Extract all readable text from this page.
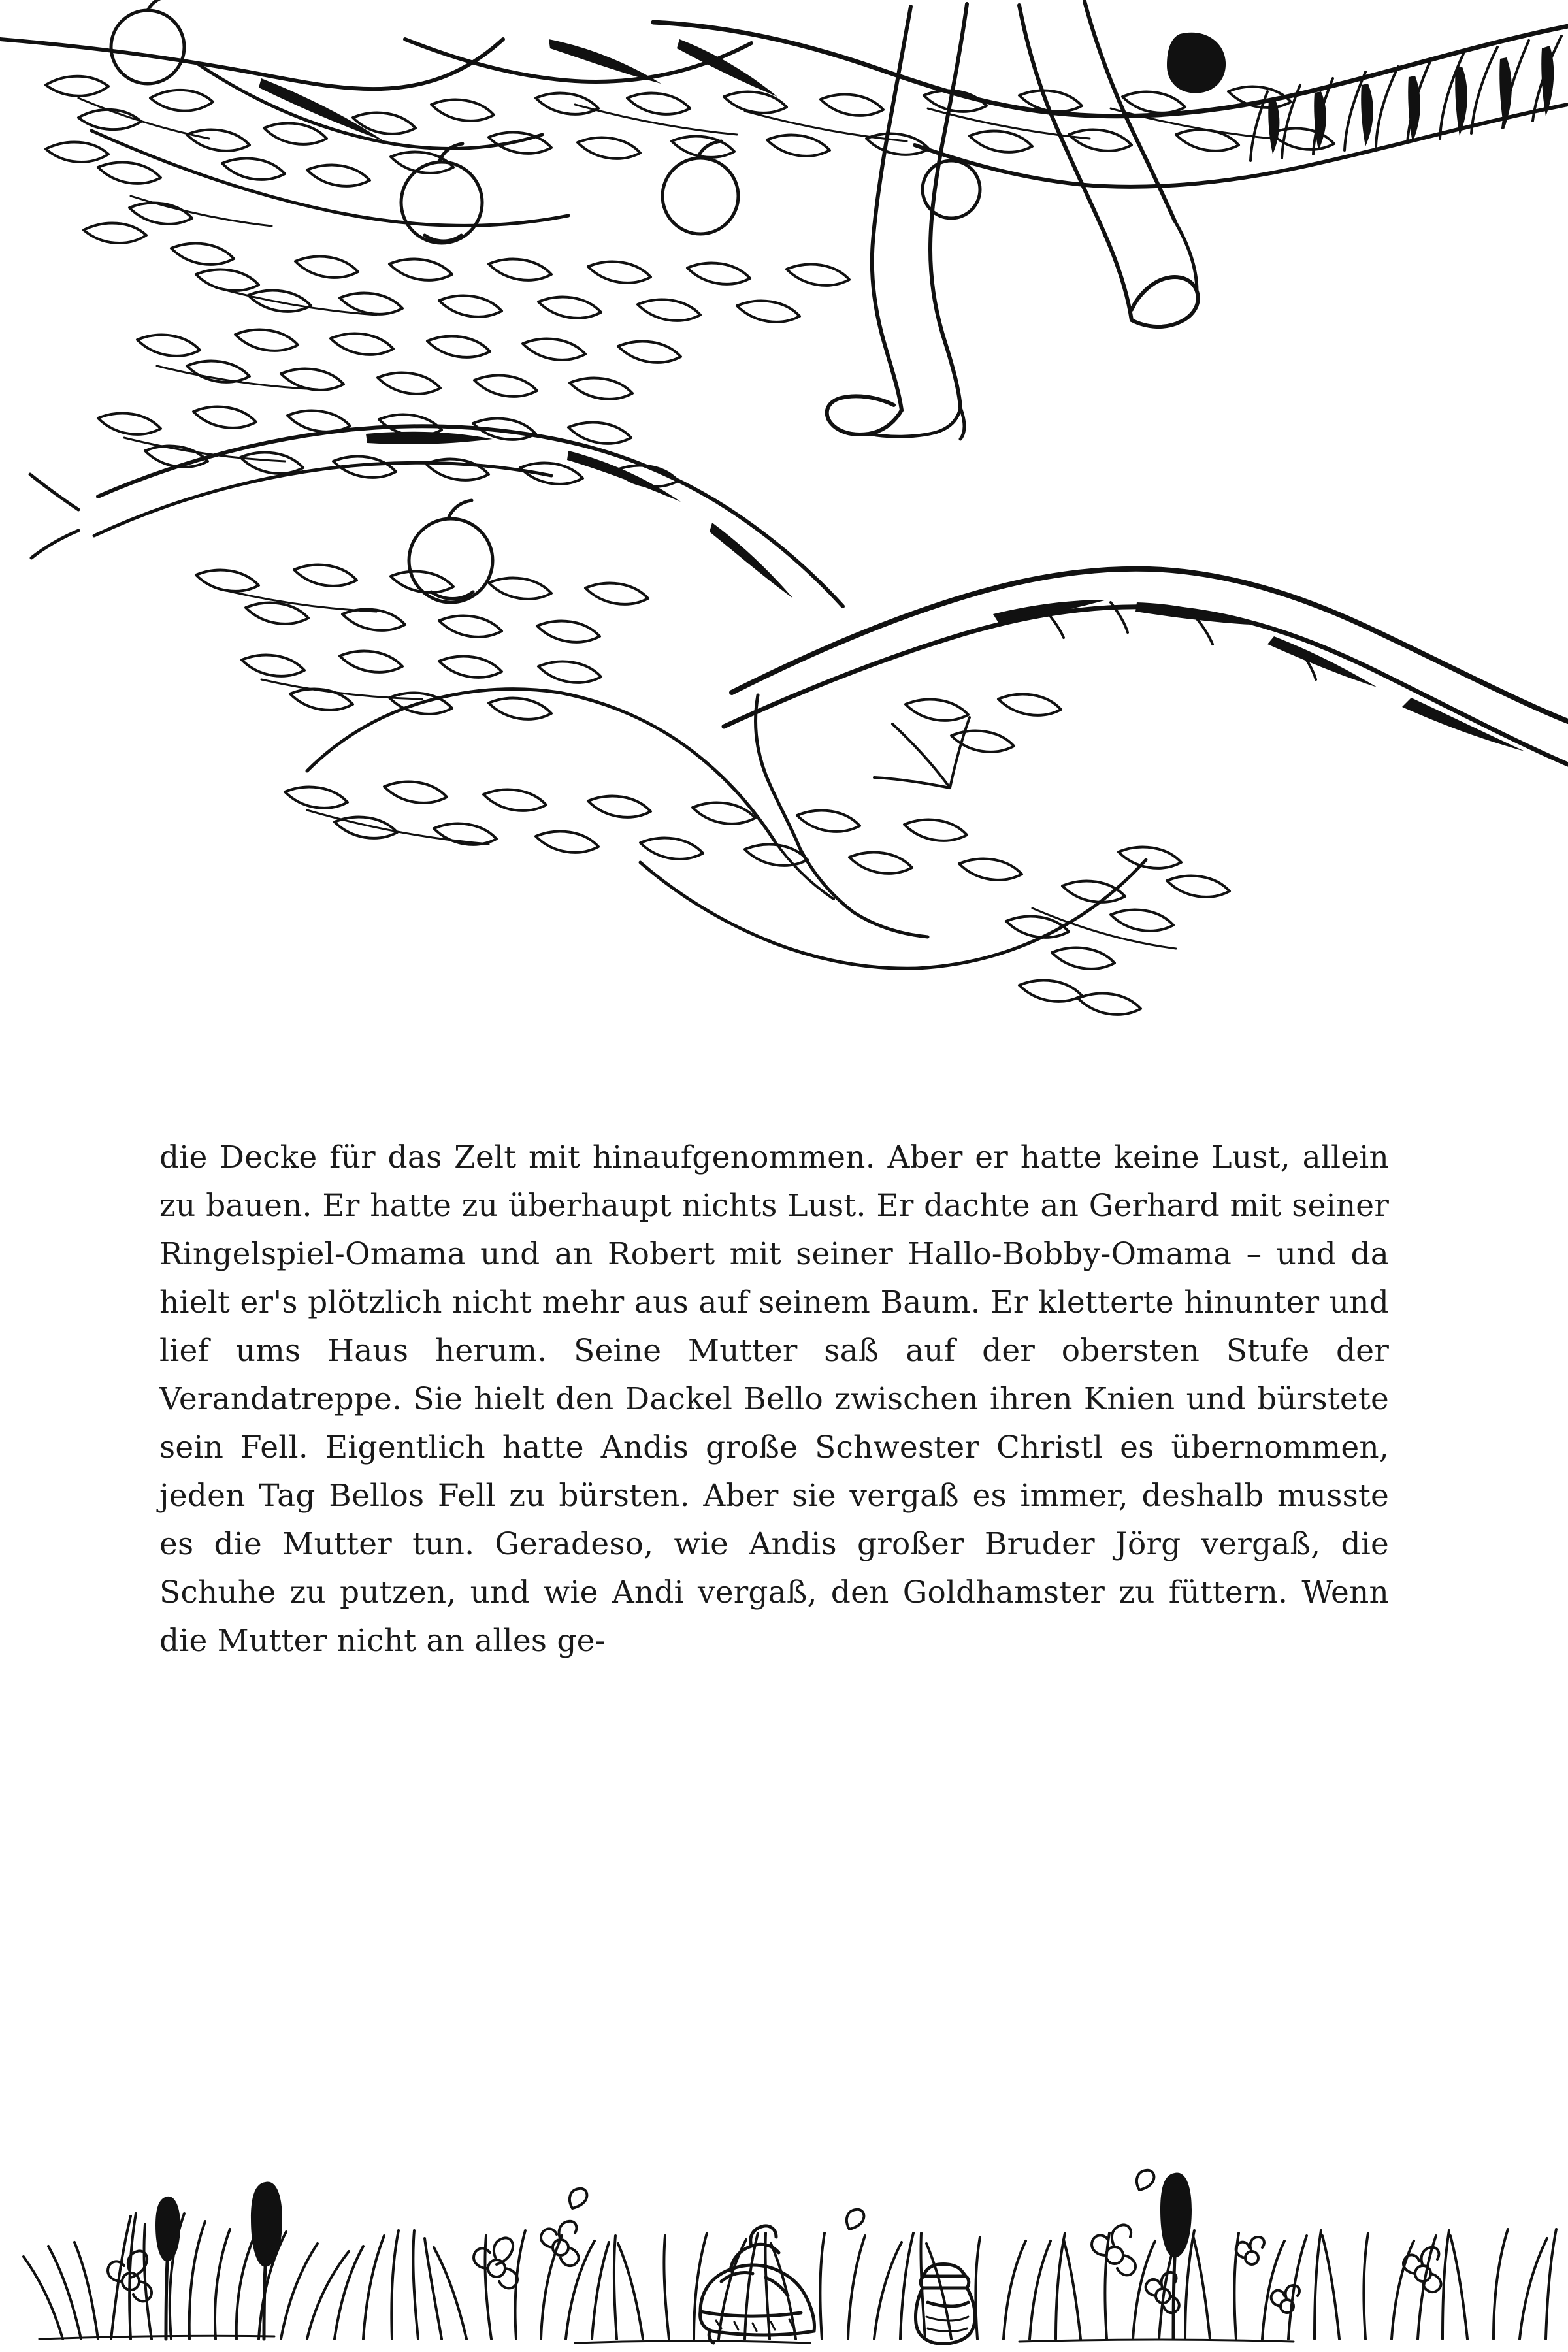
die Decke für das Zelt mit hinaufgenommen. Aber er hatte keine Lust, allein zu bauen. Er hatte zu überhaupt nichts Lust. Er dachte an Gerhard mit seiner Ringelspiel-Omama und an Robert mit seiner Hallo-Bobby-Omama – und da hielt er's plötzlich nicht mehr aus auf seinem Baum. Er kletterte hinunter und lief ums Haus herum. Seine Mutter saß auf der obersten Stufe der Verandatreppe. Sie hielt den Dackel Bello zwischen ihren Knien und bürstete sein Fell. Eigentlich hatte Andis große Schwester Christl es übernommen, jeden Tag Bellos Fell zu bürsten. Aber sie vergaß es immer, deshalb musste es die Mutter tun. Geradeso, wie Andis großer Bruder Jörg vergaß, die Schuhe zu putzen, und wie Andi vergaß, den Goldhamster zu füttern. Wenn die Mutter nicht an alles ge-
